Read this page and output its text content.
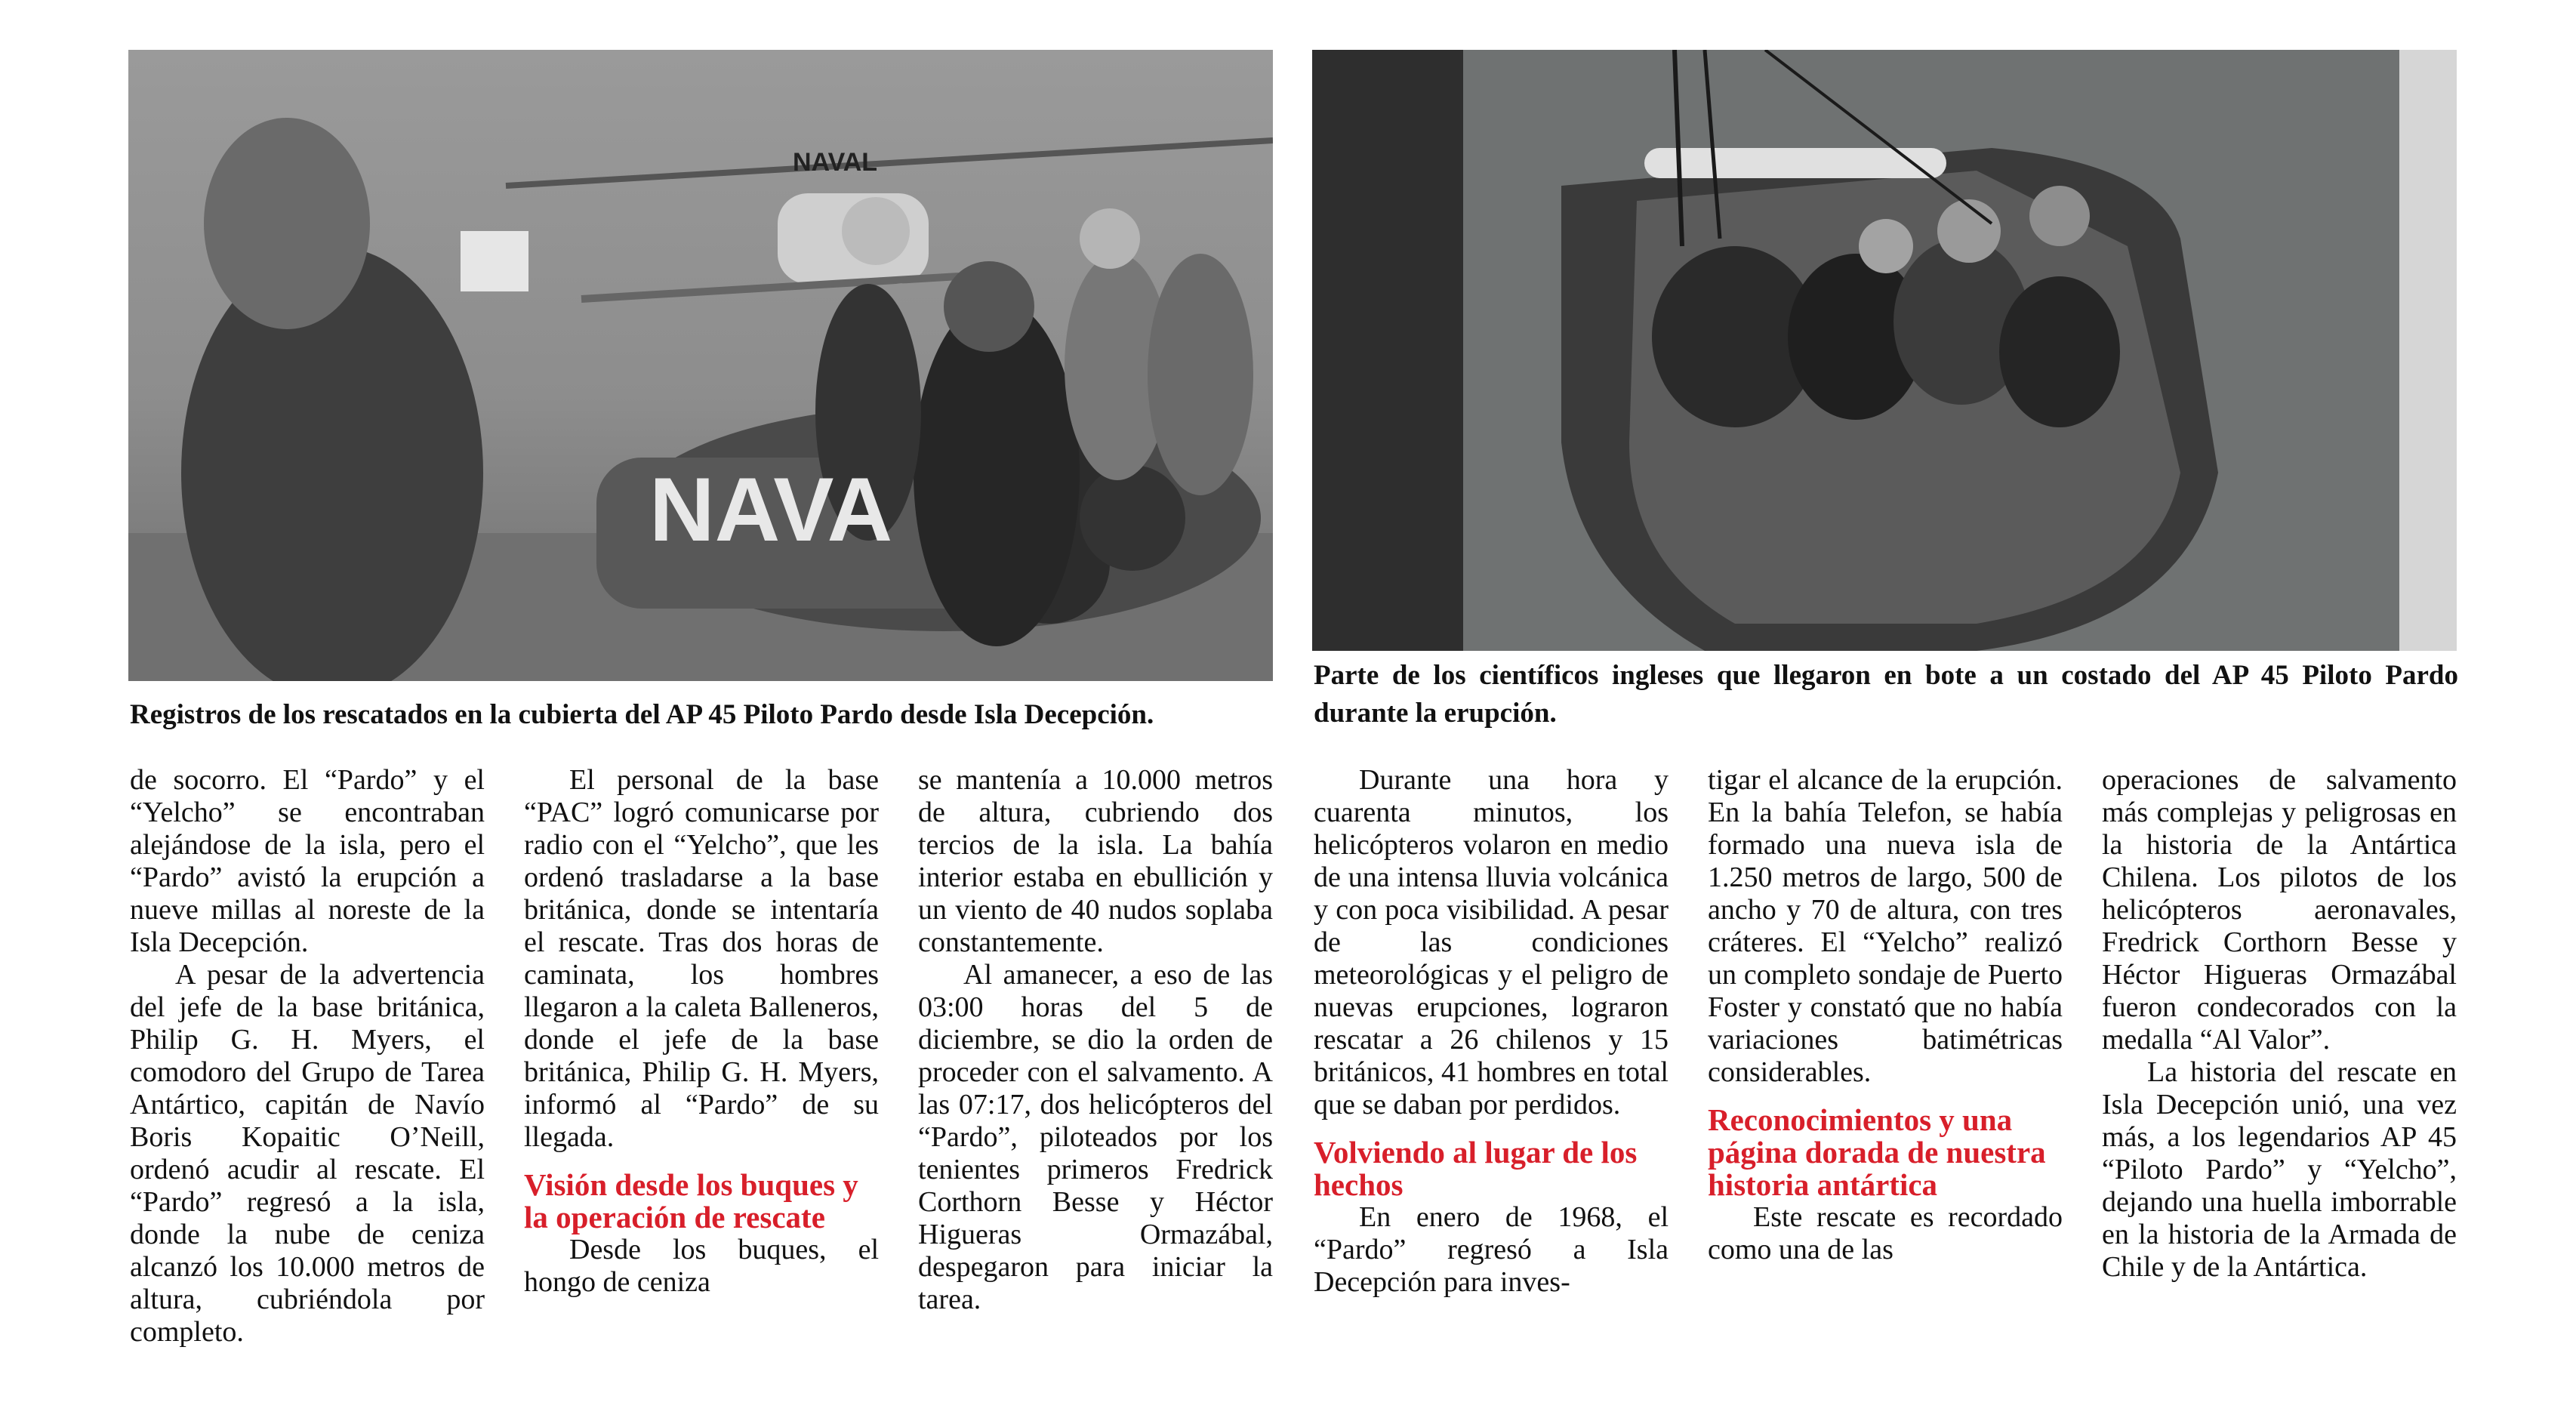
NAVAL
NAVA
Registros de los rescatados en la cubierta del AP 45 Piloto Pardo desde Isla Decepción.
Parte de los científicos ingleses que llegaron en bote a un costado del AP 45 Piloto Pardo durante la erupción.

de socorro. El “Pardo” y el “Yelcho” se encontraban alejándose de la isla, pero el “Pardo” avistó la erupción a nueve millas al noreste de la Isla Decepción.

A pesar de la advertencia del jefe de la base británica, Philip G. H. Myers, el comodoro del Grupo de Tarea Antártico, capitán de Navío Boris Kopaitic O’Neill, ordenó acudir al rescate. El “Pardo” regresó a la isla, donde la nube de ceniza alcanzó los 10.000 metros de altura, cubriéndola por completo.

El personal de la base “PAC” logró comunicarse por radio con el “Yelcho”, que les ordenó trasladarse a la base británica, donde se intentaría el rescate. Tras dos horas de caminata, los hombres llegaron a la caleta Balleneros, donde el jefe de la base británica, Philip G. H. Myers, informó al “Pardo” de su llegada.

Visión desde los buques y la operación de rescate

Desde los buques, el hongo de ceniza

se mantenía a 10.000 metros de altura, cubriendo dos tercios de la isla. La bahía interior estaba en ebullición y un viento de 40 nudos soplaba constantemente.

Al amanecer, a eso de las 03:00 horas del 5 de diciembre, se dio la orden de proceder con el salvamento. A las 07:17, dos helicópteros del “Pardo”, piloteados por los tenientes primeros Fredrick Corthorn Besse y Héctor Higueras Ormazábal, despegaron para iniciar la tarea.

Durante una hora y cuarenta minutos, los helicópteros volaron en medio de una intensa lluvia volcánica y con poca visibilidad. A pesar de las condiciones meteorológicas y el peligro de nuevas erupciones, lograron rescatar a 26 chilenos y 15 británicos, 41 hombres en total que se daban por perdidos.

Volviendo al lugar de los hechos

En enero de 1968, el “Pardo” regresó a Isla Decepción para inves-

tigar el alcance de la erupción. En la bahía Telefon, se había formado una nueva isla de 1.250 metros de largo, 500 de ancho y 70 de altura, con tres cráteres. El “Yelcho” realizó un completo sondaje de Puerto Foster y constató que no había variaciones batimétricas considerables.

Reconocimientos y una página dorada de nuestra historia antártica

Este rescate es recordado como una de las

operaciones de salvamento más complejas y peligrosas en la historia de la Antártica Chilena. Los pilotos de los helicópteros aeronavales, Fredrick Corthorn Besse y Héctor Higueras Ormazábal fueron condecorados con la medalla “Al Valor”.

La historia del rescate en Isla Decepción unió, una vez más, a los legendarios AP 45 “Piloto Pardo” y “Yelcho”, dejando una huella imborrable en la historia de la Armada de Chile y de la Antártica.
